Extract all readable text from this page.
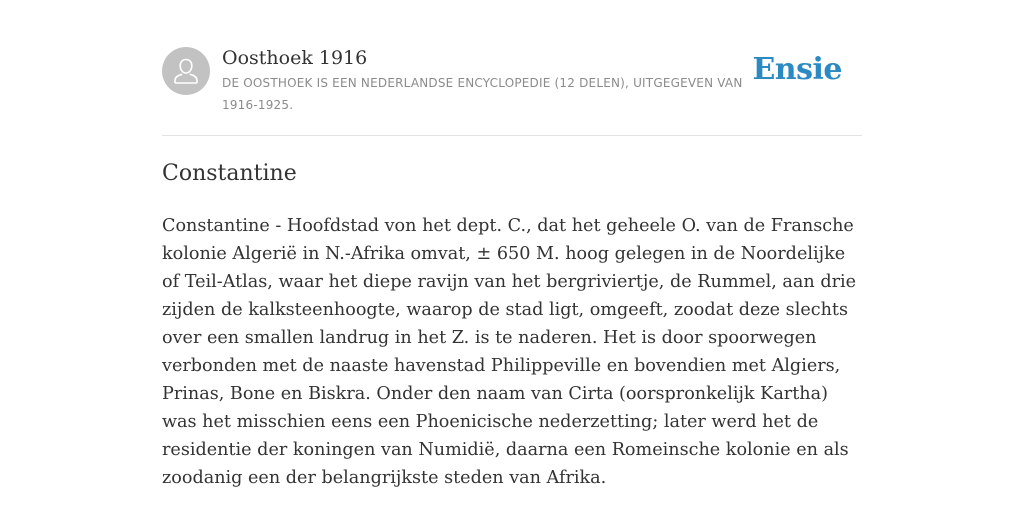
Oosthoek 1916
DE OOSTHOEK IS EEN NEDERLANDSE ENCYCLOPEDIE (12 DELEN), UITGEGEVEN VAN 1916-1925.
Ensie
Constantine

Constantine - Hoofdstad von het dept. C., dat het geheele O. van de Fransche kolonie Algerië in N.-Afrika omvat, ± 650 M. hoog gelegen in de Noordelijke of Teil-Atlas, waar het diepe ravijn van het bergriviertje, de Rummel, aan drie zijden de kalksteenhoogte, waarop de stad ligt, omgeeft, zoodat deze slechts over een smallen landrug in het Z. is te naderen. Het is door spoorwegen verbonden met de naaste havenstad Philippeville en bovendien met Algiers, Prinas, Bone en Biskra. Onder den naam van Cirta (oorspronkelijk Kartha) was het misschien eens een Phoenicische nederzetting; later werd het de residentie der koningen van Numidië, daarna een Romeinsche kolonie en als zoodanig een der belangrijkste steden van Afrika.
